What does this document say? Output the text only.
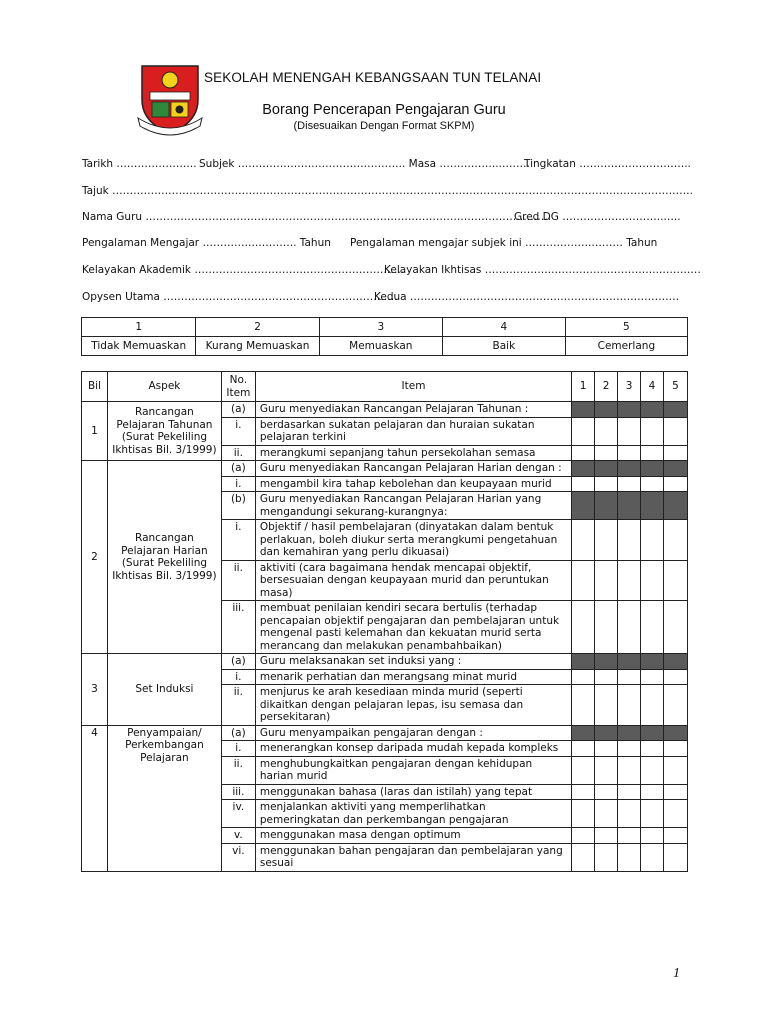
SEKOLAH MENENGAH KEBANGSAAN TUN TELANAI
Borang Pencerapan Pengajaran Guru
(Disesuaikan Dengan Format SKPM)
Tarikh ………………….. Subjek ………………….…………………….. Masa ……………..………
Tingkatan …………………………..
Tajuk ………………………………………………………………………………………………………………………………………………….
Nama Guru ……………………………………………………………………………….…………………….
Gred DG ………………………..…..
Pengalaman Mengajar …………….……….. Tahun Pengalaman mengajar subjek ini ……………….……… Tahun
Kelayakan Akademik ……………………………………………………
Kelayakan Ikhtisas ……………….……………..…………..…………
Opysen Utama ………………………………………………………….
Kedua ……………………………………..……………………………
1	2	3	4	5
Tidak Memuaskan	Kurang Memuaskan	Memuaskan	Baik	Cemerlang
Bil	Aspek	No. Item	Item	1	2	3	4	5
1	Rancangan Pelajaran Tahunan (Surat Pekeliling Ikhtisas Bil. 3/1999)	(a)	Guru menyediakan Rancangan Pelajaran Tahunan :					
		i.	berdasarkan sukatan pelajaran dan huraian sukatan pelajaran terkini					
		ii.	merangkumi sepanjang tahun persekolahan semasa					
2	Rancangan Pelajaran Harian (Surat Pekeliling Ikhtisas Bil. 3/1999)	(a)	Guru menyediakan Rancangan Pelajaran Harian dengan :					
		i.	mengambil kira tahap kebolehan dan keupayaan murid					
		(b)	Guru menyediakan Rancangan Pelajaran Harian yang mengandungi sekurang-kurangnya:					
		i.	Objektif / hasil pembelajaran (dinyatakan dalam bentuk perlakuan, boleh diukur serta merangkumi pengetahuan dan kemahiran yang perlu dikuasai)					
		ii.	aktiviti (cara bagaimana hendak mencapai objektif, bersesuaian dengan keupayaan murid dan peruntukan masa)					
		iii.	membuat penilaian kendiri secara bertulis (terhadap pencapaian objektif pengajaran dan pembelajaran untuk mengenal pasti kelemahan dan kekuatan murid serta merancang dan melakukan penambahbaikan)					
3	Set Induksi	(a)	Guru melaksanakan set induksi yang :					
		i.	menarik perhatian dan merangsang minat murid					
		ii.	menjurus ke arah kesediaan minda murid (seperti dikaitkan dengan pelajaran lepas, isu semasa dan persekitaran)					
4	Penyampaian/ Perkembangan Pelajaran	(a)	Guru menyampaikan pengajaran dengan :					
		i.	menerangkan konsep daripada mudah kepada kompleks					
		ii.	menghubungkaitkan pengajaran dengan kehidupan harian murid					
		iii.	menggunakan bahasa (laras dan istilah) yang tepat					
		iv.	menjalankan aktiviti yang memperlihatkan pemeringkatan dan perkembangan pengajaran					
		v.	menggunakan masa dengan optimum					
		vi.	menggunakan bahan pengajaran dan pembelajaran yang sesuai					
1
